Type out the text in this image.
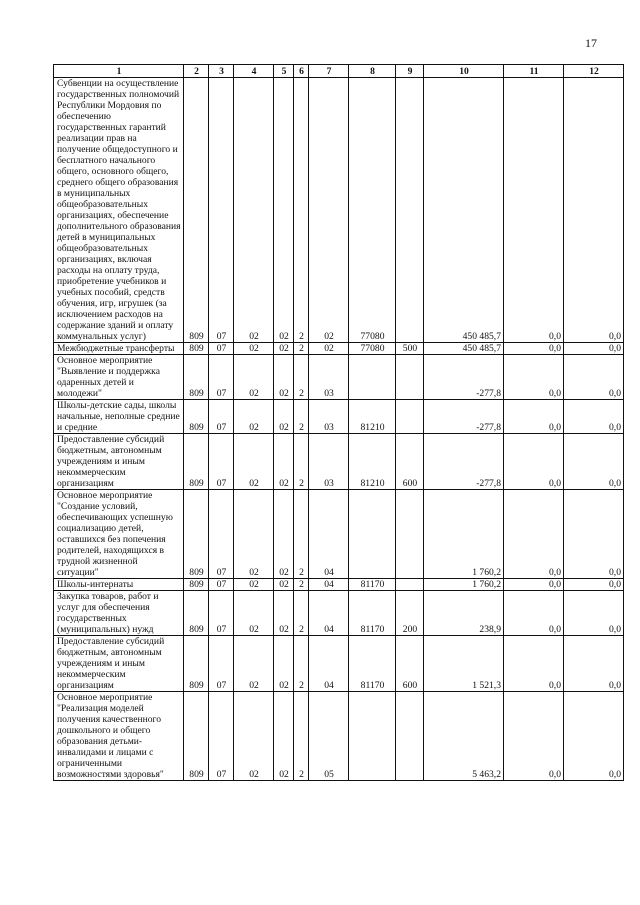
17
1	2	3	4	5	6	7	8	9	10	11	12
Субвенции на осуществление государственных полномочий Республики Мордовия по обеспечению государственных гарантий реализации прав на получение общедоступного и бесплатного начального общего, основного общего, среднего общего образования в муниципальных общеобразовательных организациях, обеспечение дополнительного образования детей в муниципальных общеобразовательных организациях, включая расходы на оплату труда, приобретение учебников и учебных пособий, средств обучения, игр, игрушек (за исключением расходов на содержание зданий и оплату коммунальных услуг)	809	07	02	02	2	02	77080		450 485,7	0,0	0,0
Межбюджетные трансферты	809	07	02	02	2	02	77080	500	450 485,7	0,0	0,0
Основное мероприятие "Выявление и поддержка одаренных детей и молодежи"	809	07	02	02	2	03			-277,8	0,0	0,0
Школы-детские сады, школы начальные, неполные средние и средние	809	07	02	02	2	03	81210		-277,8	0,0	0,0
Предоставление субсидий бюджетным, автономным учреждениям и иным некоммерческим организациям	809	07	02	02	2	03	81210	600	-277,8	0,0	0,0
Основное мероприятие "Создание условий, обеспечивающих успешную социализацию детей, оставшихся без попечения родителей, находящихся в трудной жизненной ситуации"	809	07	02	02	2	04			1 760,2	0,0	0,0
Школы-интернаты	809	07	02	02	2	04	81170		1 760,2	0,0	0,0
Закупка товаров, работ и услуг для обеспечения государственных (муниципальных) нужд	809	07	02	02	2	04	81170	200	238,9	0,0	0,0
Предоставление субсидий бюджетным, автономным учреждениям и иным некоммерческим организациям	809	07	02	02	2	04	81170	600	1 521,3	0,0	0,0
Основное мероприятие "Реализация моделей получения качественного дошкольного и общего образования детьми-инвалидами и лицами с ограниченными возможностями здоровья"	809	07	02	02	2	05			5 463,2	0,0	0,0
